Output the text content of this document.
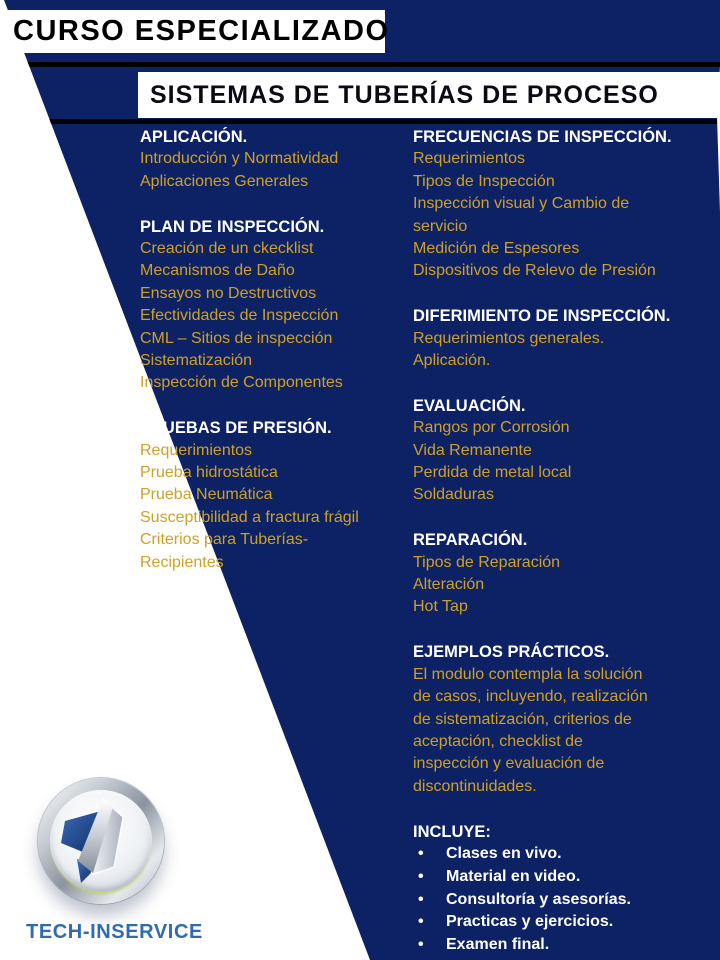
CURSO ESPECIALIZADO
SISTEMAS DE TUBERÍAS DE PROCESO
APLICACIÓN.
Introducción y Normatividad
Aplicaciones Generales
PLAN DE INSPECCIÓN.
Creación de un ckecklist
Mecanismos de Daño
Ensayos no Destructivos
Efectividades de Inspección
CML – Sitios de inspección
Sistematización
Inspección de Componentes
PRUEBAS DE PRESIÓN.
Requerimientos
Prueba hidrostática
Prueba Neumática
Susceptibilidad a fractura frágil
Criterios para Tuberías-
Recipientes
FRECUENCIAS DE INSPECCIÓN.
Requerimientos
Tipos de Inspección
Inspección visual y Cambio de
servicio
Medición de Espesores
Dispositivos de Relevo de Presión
DIFERIMIENTO DE INSPECCIÓN.
Requerimientos generales.
Aplicación.
EVALUACIÓN.
Rangos por Corrosión
Vida Remanente
Perdida de metal local
Soldaduras
REPARACIÓN.
Tipos de Reparación
Alteración
Hot Tap
EJEMPLOS PRÁCTICOS.
El modulo contempla la solución
de casos, incluyendo, realización
de sistematización, criterios de
aceptación, checklist de
inspección y evaluación de
discontinuidades.
INCLUYE:
• Clases en vivo.
• Material en video.
• Consultoría y asesorías.
• Practicas y ejercicios.
• Examen final.
TECH-INSERVICE
